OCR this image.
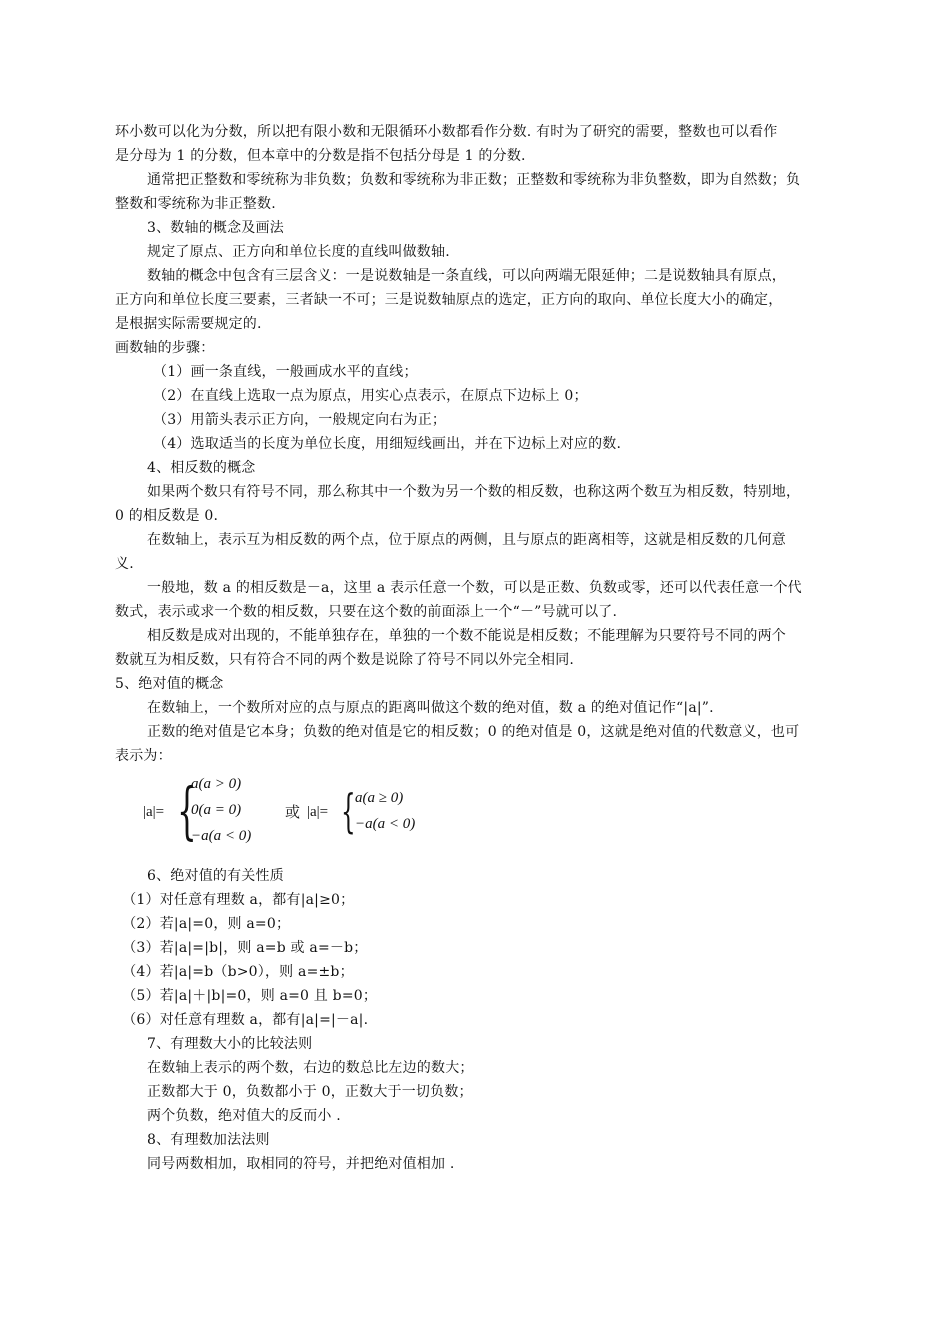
环小数可以化为分数，所以把有限小数和无限循环小数都看作分数. 有时为了研究的需要，整数也可以看作

是分母为 1 的分数，但本章中的分数是指不包括分母是 1 的分数.

通常把正整数和零统称为非负数；负数和零统称为非正数；正整数和零统称为非负整数，即为自然数；负

整数和零统称为非正整数.

3、数轴的概念及画法

规定了原点、正方向和单位长度的直线叫做数轴.

数轴的概念中包含有三层含义：一是说数轴是一条直线，可以向两端无限延伸；二是说数轴具有原点，

正方向和单位长度三要素，三者缺一不可；三是说数轴原点的选定，正方向的取向、单位长度大小的确定，

是根据实际需要规定的.

画数轴的步骤：

（1）画一条直线，一般画成水平的直线；

（2）在直线上选取一点为原点，用实心点表示，在原点下边标上 0；

（3）用箭头表示正方向，一般规定向右为正；

（4）选取适当的长度为单位长度，用细短线画出，并在下边标上对应的数.

4、相反数的概念

如果两个数只有符号不同，那么称其中一个数为另一个数的相反数，也称这两个数互为相反数，特别地，

0 的相反数是 0.

在数轴上，表示互为相反数的两个点，位于原点的两侧，且与原点的距离相等，这就是相反数的几何意

义.

一般地，数 a 的相反数是－a，这里 a 表示任意一个数，可以是正数、负数或零，还可以代表任意一个代

数式，表示或求一个数的相反数，只要在这个数的前面添上一个“－”号就可以了.

相反数是成对出现的，不能单独存在，单独的一个数不能说是相反数；不能理解为只要符号不同的两个

数就互为相反数，只有符合不同的两个数是说除了符号不同以外完全相同.

5、绝对值的概念

在数轴上，一个数所对应的点与原点的距离叫做这个数的绝对值，数 a 的绝对值记作“|a|”.

正数的绝对值是它本身；负数的绝对值是它的相反数；0 的绝对值是 0，这就是绝对值的代数意义，也可

表示为：

|a|= {
a(a > 0)
0(a = 0)
−a(a < 0)
或 |a|= { a(a ≥ 0)
−a(a < 0)

6、绝对值的有关性质

　（1）对任意有理数 a，都有|a|≥0；

　（2）若|a|=0，则 a=0；

　（3）若|a|=|b|，则 a=b 或 a=－b；

　（4）若|a|=b（b>0），则 a=±b；

　（5）若|a|＋|b|=0，则 a=0 且 b=0；

　（6）对任意有理数 a，都有|a|=|－a|.

7、有理数大小的比较法则

在数轴上表示的两个数，右边的数总比左边的数大；

正数都大于 0，负数都小于 0，正数大于一切负数；

两个负数，绝对值大的反而小 .

8、有理数加法法则

同号两数相加，取相同的符号，并把绝对值相加 .
